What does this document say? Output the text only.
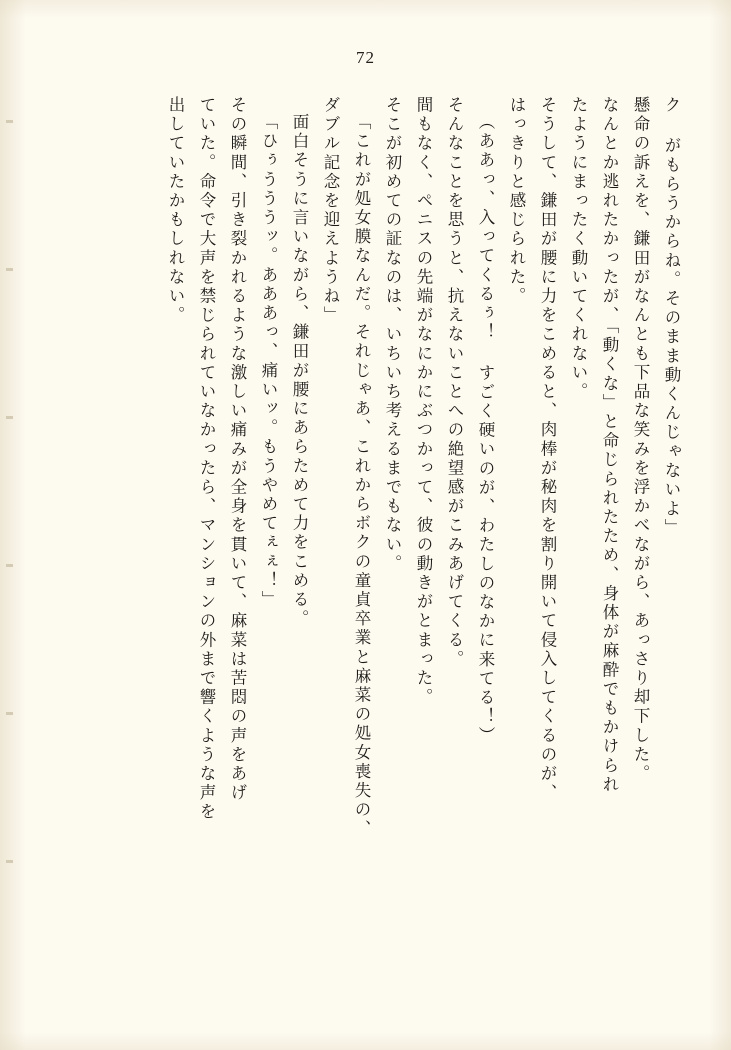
72
ク がもらうからね。そのまま動くんじゃないよ」
懸命の訴えを、鎌田がなんとも下品な笑みを浮かべながら、あっさり却下した。
なんとか逃れたかったが、「動くな」と命じられたため、身体が麻酔でもかけられ
たようにまったく動いてくれない。
そうして、鎌田が腰に力をこめると、肉棒が秘肉を割り開いて侵入してくるのが、
はっきりと感じられた。
（ああっ、入ってくるぅ！ すごく硬いのが、わたしのなかに来てる！）
そんなことを思うと、抗えないことへの絶望感がこみあげてくる。
間もなく、ペニスの先端がなにかにぶつかって、彼の動きがとまった。
そこが初めての証なのは、いちいち考えるまでもない。
「これが処女膜なんだ。それじゃあ、これからボクの童貞卒業と麻菜の処女喪失の、
ダブル記念を迎えようね」
面白そうに言いながら、鎌田が腰にあらためて力をこめる。
「ひぅうううッ。あああっ、痛いッ。もうやめてぇぇ！」
その瞬間、引き裂かれるような激しい痛みが全身を貫いて、麻菜は苦悶の声をあげ
ていた。命令で大声を禁じられていなかったら、マンションの外まで響くような声を
出していたかもしれない。
